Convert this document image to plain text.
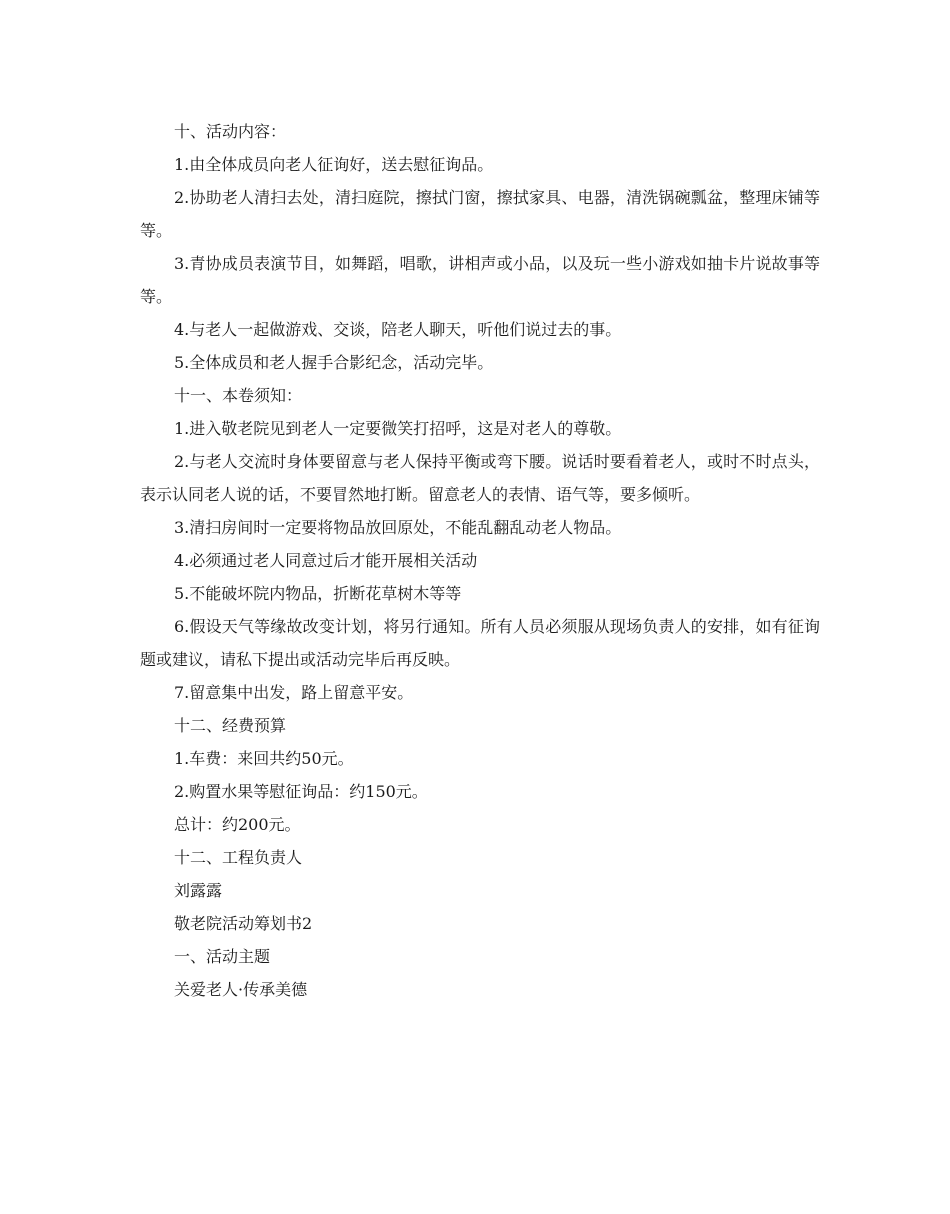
十、活动内容：

1.由全体成员向老人征询好，送去慰征询品。

2.协助老人清扫去处，清扫庭院，擦拭门窗，擦拭家具、电器，清洗锅碗瓢盆，整理床铺等等。

3.青协成员表演节目，如舞蹈，唱歌，讲相声或小品，以及玩一些小游戏如抽卡片说故事等等。

4.与老人一起做游戏、交谈，陪老人聊天，听他们说过去的事。

5.全体成员和老人握手合影纪念，活动完毕。

十一、本卷须知：

1.进入敬老院见到老人一定要微笑打招呼，这是对老人的尊敬。

2.与老人交流时身体要留意与老人保持平衡或弯下腰。说话时要看着老人，或时不时点头，表示认同老人说的话，不要冒然地打断。留意老人的表情、语气等，要多倾听。

3.清扫房间时一定要将物品放回原处，不能乱翻乱动老人物品。

4.必须通过老人同意过后才能开展相关活动

5.不能破坏院内物品，折断花草树木等等

6.假设天气等缘故改变计划，将另行通知。所有人员必须服从现场负责人的安排，如有征询题或建议，请私下提出或活动完毕后再反映。

7.留意集中出发，路上留意平安。

十二、经费预算

1.车费：来回共约50元。

2.购置水果等慰征询品：约150元。

总计：约200元。

十二、工程负责人

刘露露

敬老院活动筹划书2

一、活动主题

关爱老人·传承美德
